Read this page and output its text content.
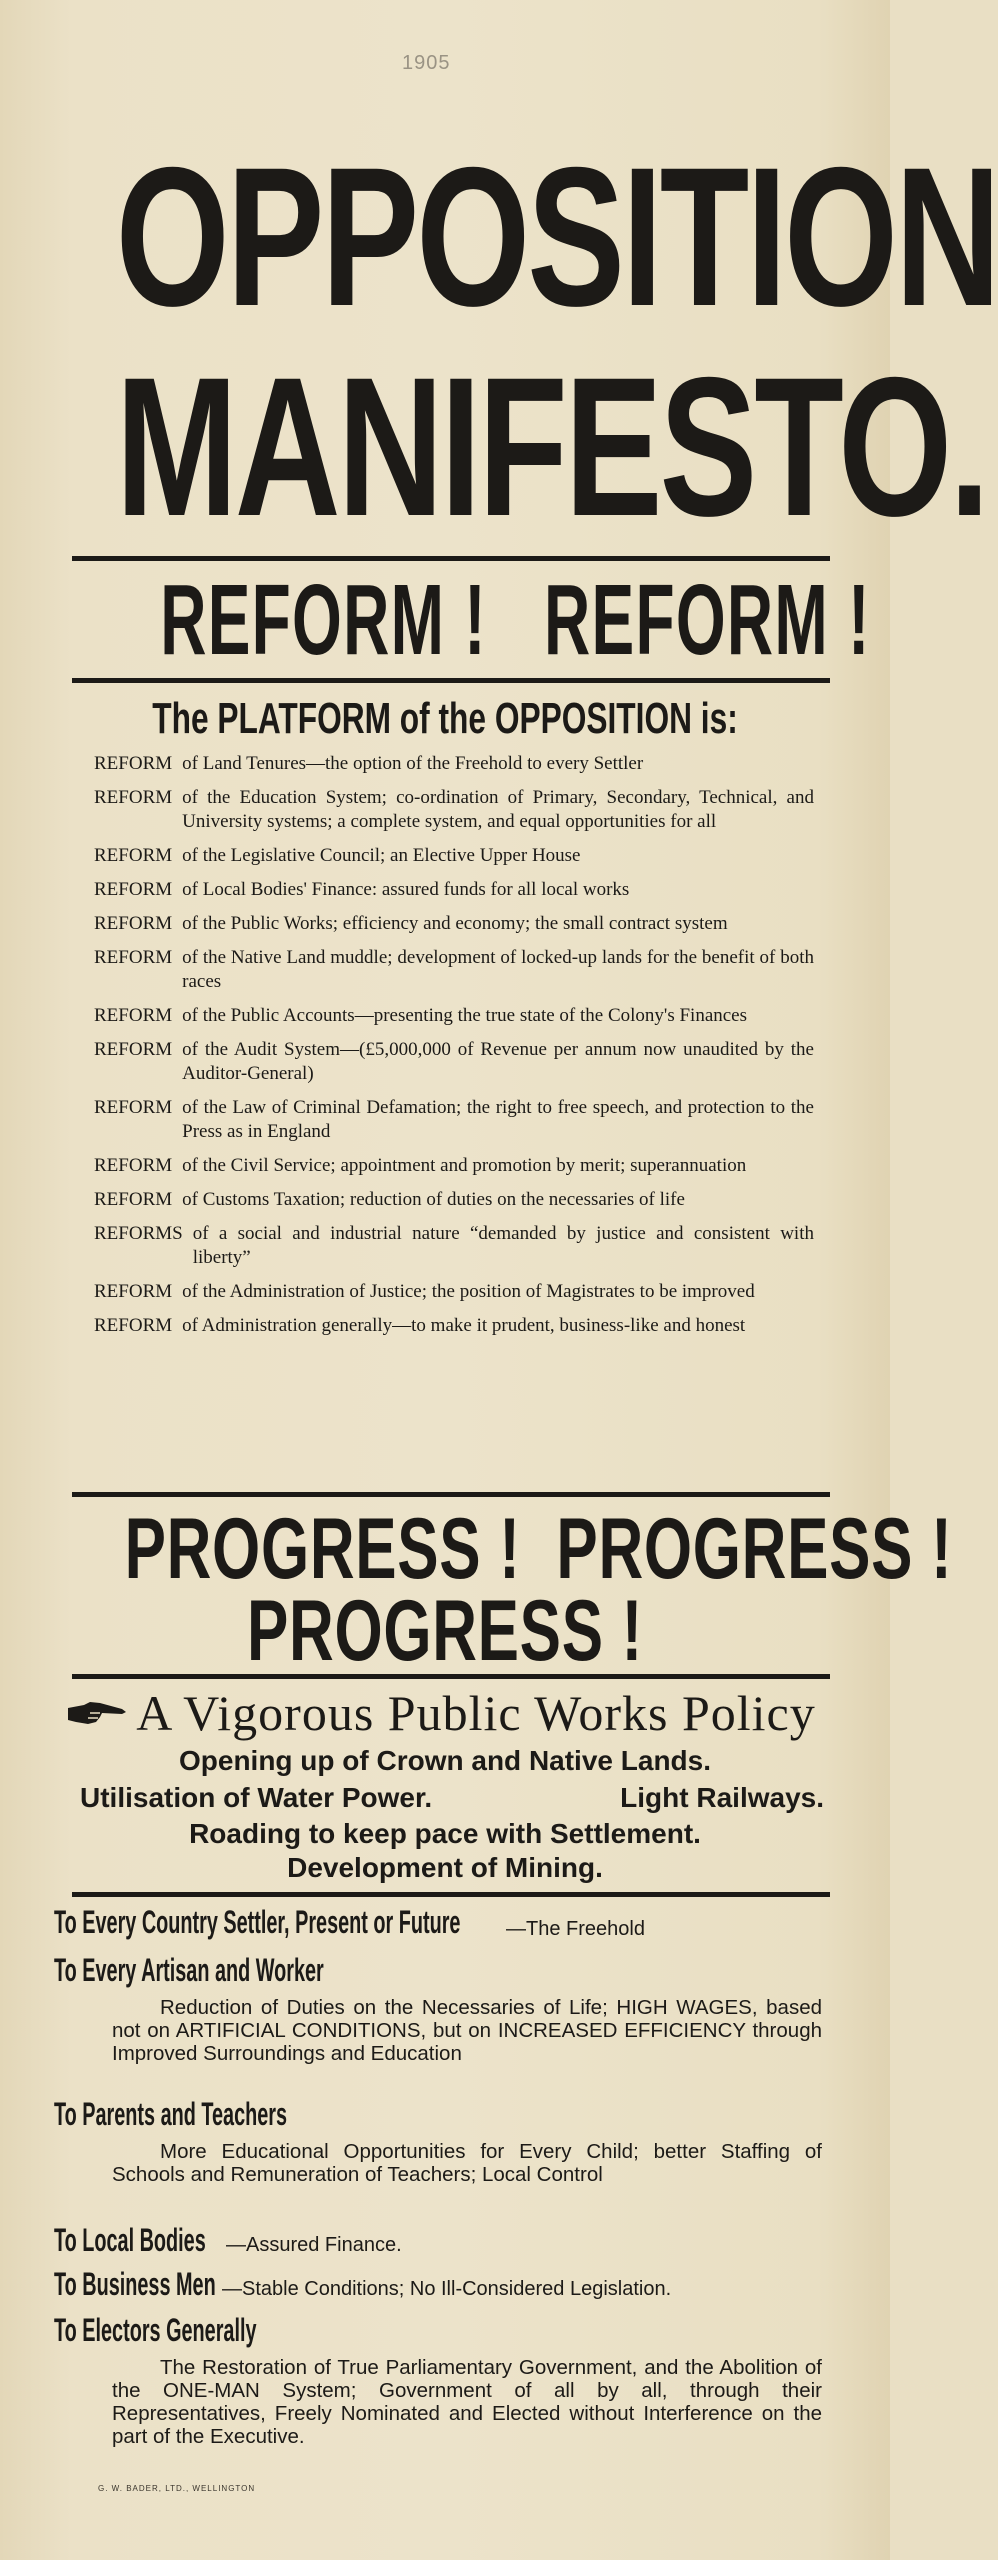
1905
OPPOSITION
MANIFESTO.
REFORM !   REFORM !
The PLATFORM of the OPPOSITION is:
REFORM of Land Tenures—the option of the Freehold to every Settler
REFORM of the Education System; co-ordination of Primary, Secondary, Technical, and University systems; a complete system, and equal opportunities for all
REFORM of the Legislative Council; an Elective Upper House
REFORM of Local Bodies' Finance: assured funds for all local works
REFORM of the Public Works; efficiency and economy; the small contract system
REFORM of the Native Land muddle; development of locked-up lands for the benefit of both races
REFORM of the Public Accounts—presenting the true state of the Colony's Finances
REFORM of the Audit System—(£5,000,000 of Revenue per annum now unaudited by the Auditor-General)
REFORM of the Law of Criminal Defamation; the right to free speech, and protection to the Press as in England
REFORM of the Civil Service; appointment and promotion by merit; superannuation
REFORM of Customs Taxation; reduction of duties on the necessaries of life
REFORMS of a social and industrial nature “demanded by justice and consistent with liberty”
REFORM of the Administration of Justice; the position of Magistrates to be improved
REFORM of Administration generally—to make it prudent, business-like and honest
PROGRESS !  PROGRESS !
PROGRESS !
A Vigorous Public Works Policy
Opening up of Crown and Native Lands.
Utilisation of Water Power.	Light Railways.
Roading to keep pace with Settlement.
Development of Mining.
To Every Country Settler, Present or Future —The Freehold
To Every Artisan and Worker
Reduction of Duties on the Necessaries of Life; HIGH WAGES, based not on ARTIFICIAL CONDITIONS, but on INCREASED EFFICIENCY through Improved Surroundings and Education
To Parents and Teachers
More Educational Opportunities for Every Child; better Staffing of Schools and Remuneration of Teachers; Local Control
To Local Bodies —Assured Finance.
To Business Men —Stable Conditions; No Ill-Considered Legislation.
To Electors Generally
The Restoration of True Parliamentary Government, and the Abolition of the ONE-MAN System; Government of all by all, through their Representatives, Freely Nominated and Elected without Interference on the part of the Executive.
G. W. BADER, LTD., WELLINGTON
